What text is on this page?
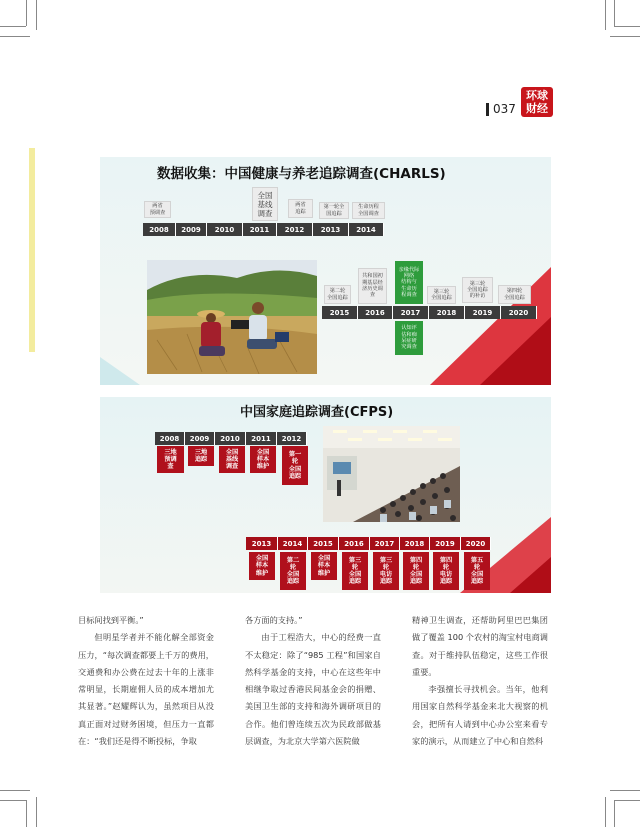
037
环球
财经
数据收集：中国健康与养老追踪调查(CHARLS)
两省
预调查
全国
基线
调查
两省
追踪
第一轮全
国追踪
生命历程
全国调查
2008	2009	2010	2011	2012	2013	2014
第二轮
全国追踪
共和国初
期基层经
济历史调
查
亲缘代际
网络
结构与
生命历
程调查
第三轮
全国追踪
第三轮
全国追踪
的补访
第四轮
全国追踪
2015	2016	2017	2018	2019	2020
认知评
估和痴
呆症研
究调查
中国家庭追踪调查(CFPS)
2008	2009	2010	2011	2012
三地
预调
查
三地
追踪
全国
基线
调查
全国
样本
维护
第一
轮
全国
追踪
2013	2014	2015	2016	2017	2018	2019	2020
全国
样本
维护
第二
轮
全国
追踪
全国
样本
维护
第三
轮
全国
追踪
第三
轮
电访
追踪
第四
轮
全国
追踪
第四
轮
电访
追踪
第五
轮
全国
追踪

目标间找到平衡。”

但明星学者并不能化解全部资金压力，“每次调查都要上千万的费用，交通费和办公费在过去十年的上涨非常明显，长期雇佣人员的成本增加尤其显著。”赵耀辉认为，虽然项目从没真正面对过财务困境，但压力一直都在：“我们还是得不断投标，争取

各方面的支持。”

由于工程浩大，中心的经费一直不太稳定：除了“985 工程”和国家自然科学基金的支持，中心在这些年中相继争取过香港民间基金会的捐赠、美国卫生部的支持和海外调研项目的合作。他们曾连续五次为民政部做基层调查，为北京大学第六医院做

精神卫生调查，还帮助阿里巴巴集团做了覆盖 100 个农村的淘宝村电商调查。对于维持队伍稳定，这些工作很重要。

李强擅长寻找机会。当年，他利用国家自然科学基金来北大视察的机会，把所有人请到中心办公室来看专家的演示，从而建立了中心和自然科
